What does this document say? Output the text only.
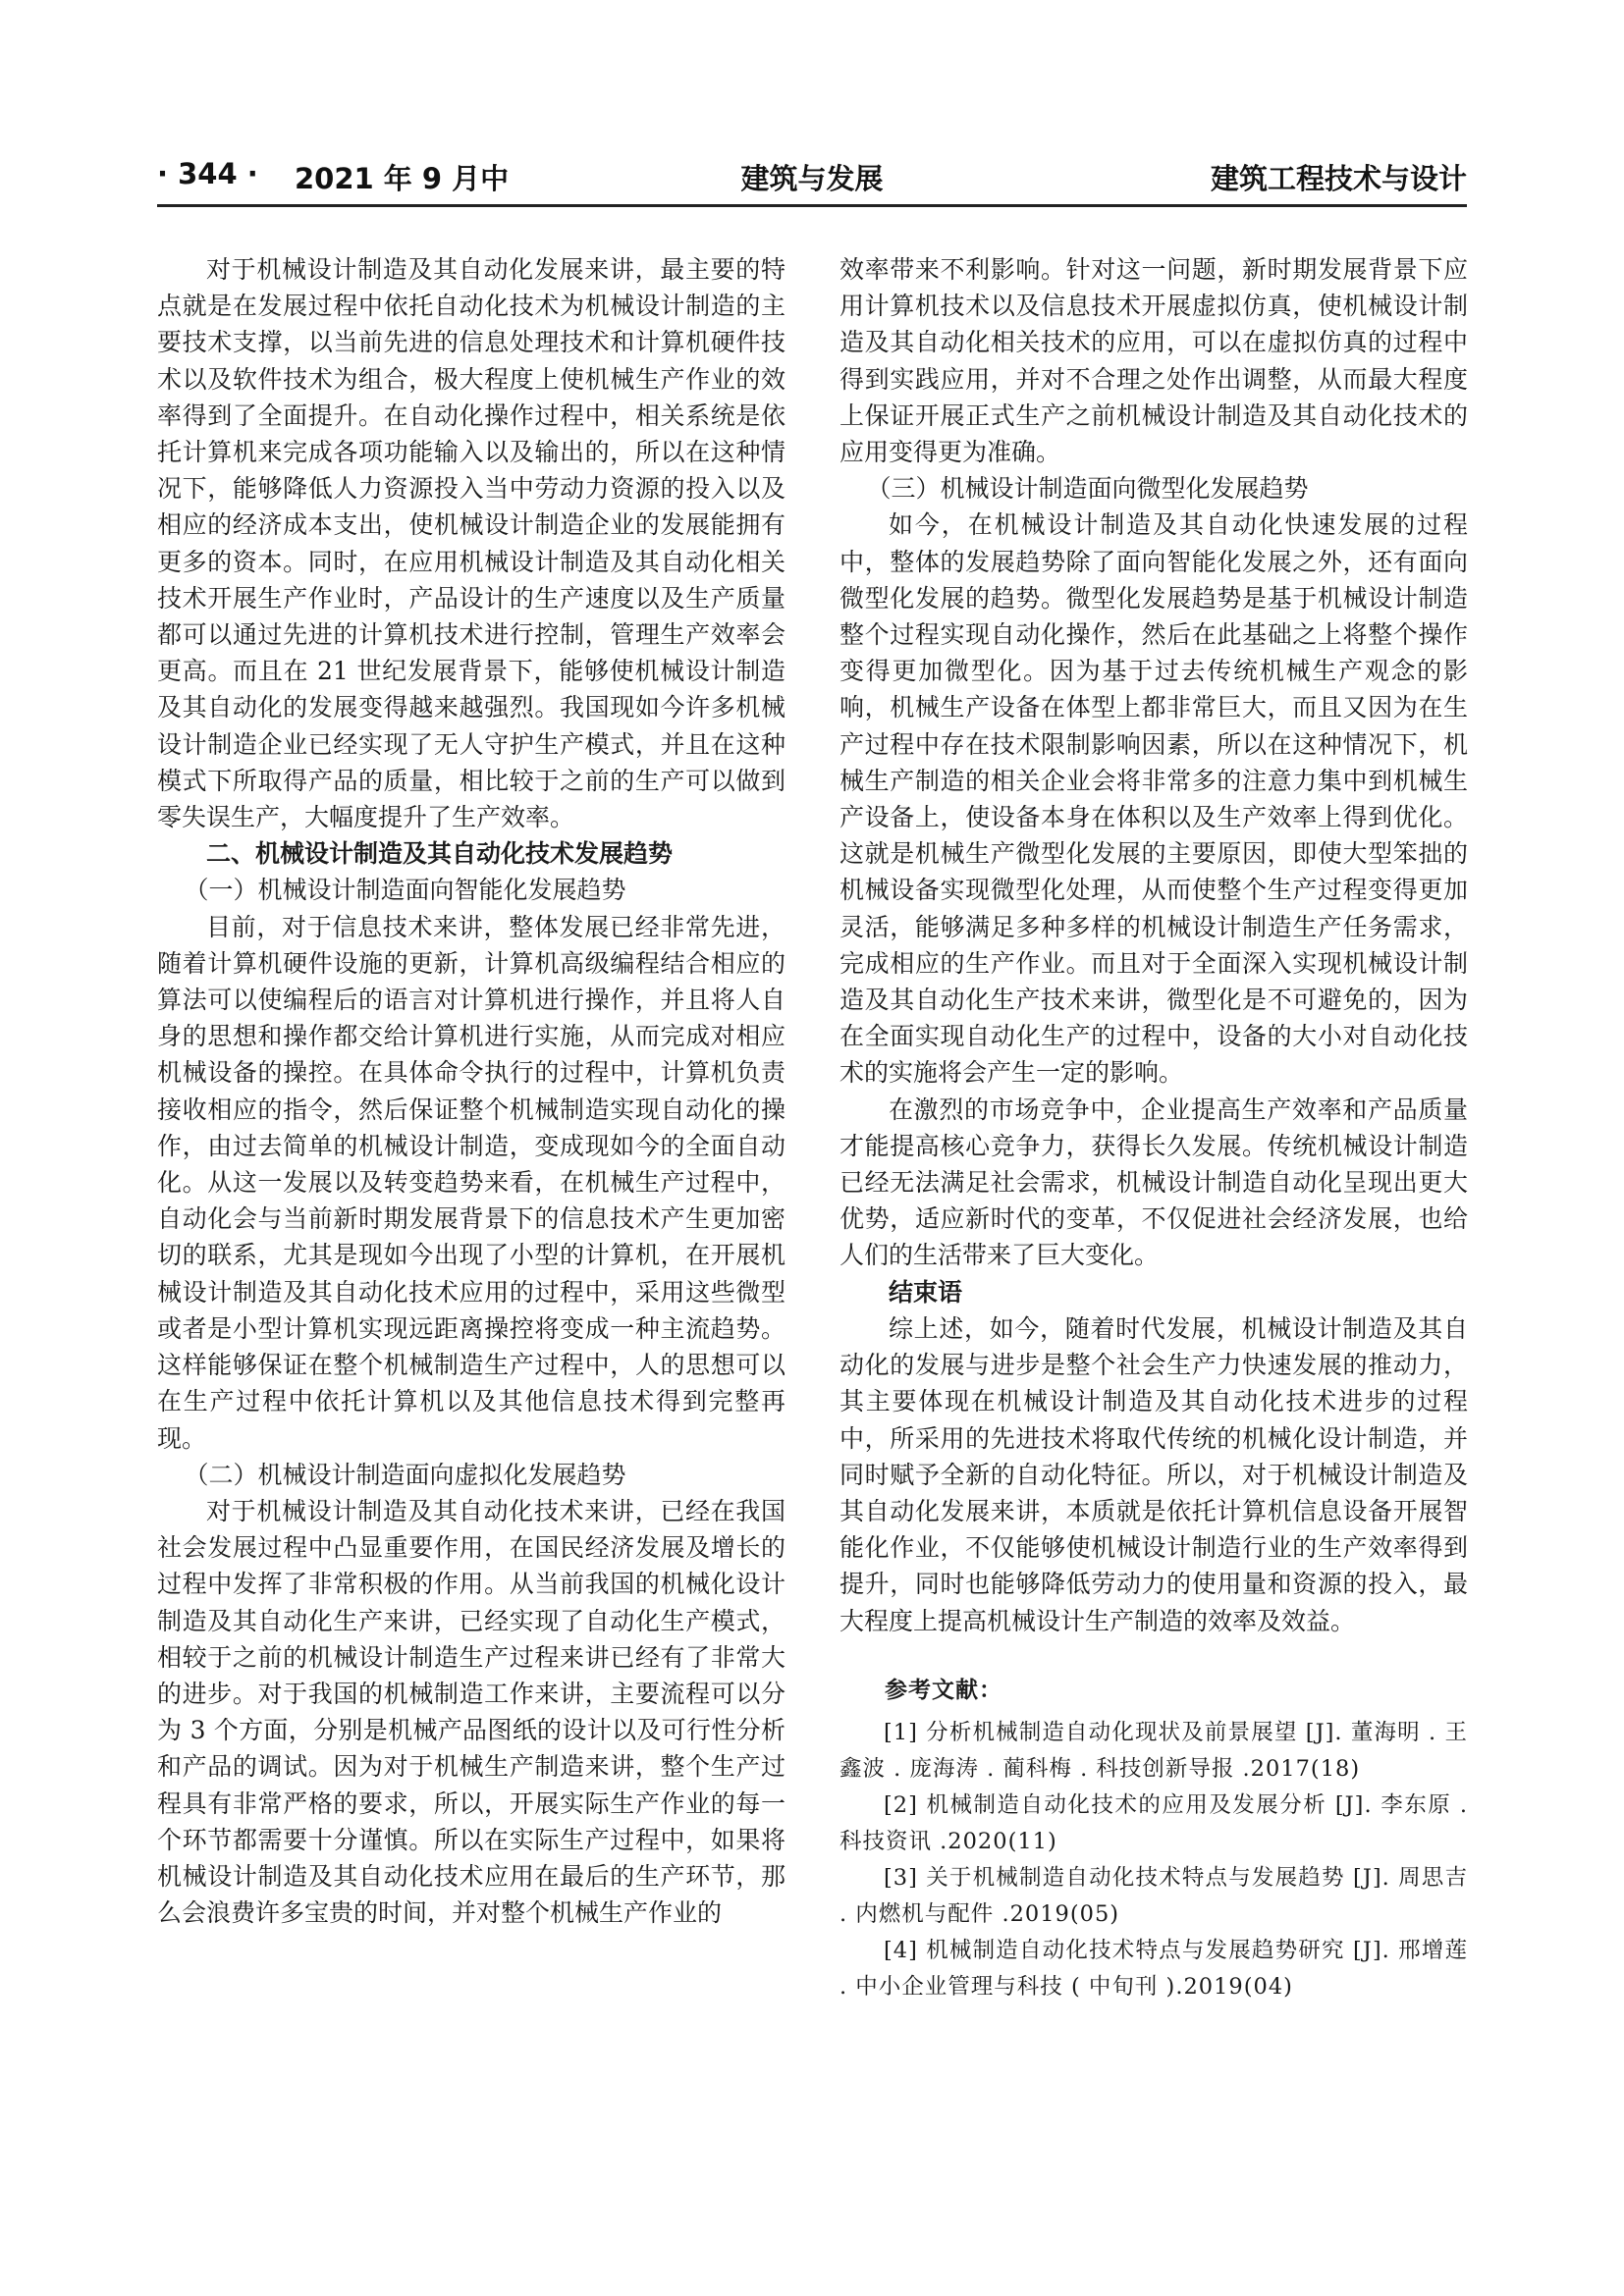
· 344 · 2021 年 9 月中	建筑与发展	建筑工程技术与设计

对于机械设计制造及其自动化发展来讲，最主要的特点就是在发展过程中依托自动化技术为机械设计制造的主要技术支撑，以当前先进的信息处理技术和计算机硬件技术以及软件技术为组合，极大程度上使机械生产作业的效率得到了全面提升。在自动化操作过程中，相关系统是依托计算机来完成各项功能输入以及输出的，所以在这种情况下，能够降低人力资源投入当中劳动力资源的投入以及相应的经济成本支出，使机械设计制造企业的发展能拥有更多的资本。同时，在应用机械设计制造及其自动化相关技术开展生产作业时，产品设计的生产速度以及生产质量都可以通过先进的计算机技术进行控制，管理生产效率会更高。而且在 21 世纪发展背景下，能够使机械设计制造及其自动化的发展变得越来越强烈。我国现如今许多机械设计制造企业已经实现了无人守护生产模式，并且在这种模式下所取得产品的质量，相比较于之前的生产可以做到零失误生产，大幅度提升了生产效率。

二、机械设计制造及其自动化技术发展趋势

（一）机械设计制造面向智能化发展趋势

目前，对于信息技术来讲，整体发展已经非常先进，随着计算机硬件设施的更新，计算机高级编程结合相应的算法可以使编程后的语言对计算机进行操作，并且将人自身的思想和操作都交给计算机进行实施，从而完成对相应机械设备的操控。在具体命令执行的过程中，计算机负责接收相应的指令，然后保证整个机械制造实现自动化的操作，由过去简单的机械设计制造，变成现如今的全面自动化。从这一发展以及转变趋势来看，在机械生产过程中，自动化会与当前新时期发展背景下的信息技术产生更加密切的联系，尤其是现如今出现了小型的计算机，在开展机械设计制造及其自动化技术应用的过程中，采用这些微型或者是小型计算机实现远距离操控将变成一种主流趋势。这样能够保证在整个机械制造生产过程中，人的思想可以在生产过程中依托计算机以及其他信息技术得到完整再现。

（二）机械设计制造面向虚拟化发展趋势

对于机械设计制造及其自动化技术来讲，已经在我国社会发展过程中凸显重要作用，在国民经济发展及增长的过程中发挥了非常积极的作用。从当前我国的机械化设计制造及其自动化生产来讲，已经实现了自动化生产模式，相较于之前的机械设计制造生产过程来讲已经有了非常大的进步。对于我国的机械制造工作来讲，主要流程可以分为 3 个方面，分别是机械产品图纸的设计以及可行性分析和产品的调试。因为对于机械生产制造来讲，整个生产过程具有非常严格的要求，所以，开展实际生产作业的每一个环节都需要十分谨慎。所以在实际生产过程中，如果将机械设计制造及其自动化技术应用在最后的生产环节，那么会浪费许多宝贵的时间，并对整个机械生产作业的

效率带来不利影响。针对这一问题，新时期发展背景下应用计算机技术以及信息技术开展虚拟仿真，使机械设计制造及其自动化相关技术的应用，可以在虚拟仿真的过程中得到实践应用，并对不合理之处作出调整，从而最大程度上保证开展正式生产之前机械设计制造及其自动化技术的应用变得更为准确。

（三）机械设计制造面向微型化发展趋势

如今，在机械设计制造及其自动化快速发展的过程中，整体的发展趋势除了面向智能化发展之外，还有面向微型化发展的趋势。微型化发展趋势是基于机械设计制造整个过程实现自动化操作，然后在此基础之上将整个操作变得更加微型化。因为基于过去传统机械生产观念的影响，机械生产设备在体型上都非常巨大，而且又因为在生产过程中存在技术限制影响因素，所以在这种情况下，机械生产制造的相关企业会将非常多的注意力集中到机械生产设备上，使设备本身在体积以及生产效率上得到优化。这就是机械生产微型化发展的主要原因，即使大型笨拙的机械设备实现微型化处理，从而使整个生产过程变得更加灵活，能够满足多种多样的机械设计制造生产任务需求，完成相应的生产作业。而且对于全面深入实现机械设计制造及其自动化生产技术来讲，微型化是不可避免的，因为在全面实现自动化生产的过程中，设备的大小对自动化技术的实施将会产生一定的影响。

在激烈的市场竞争中，企业提高生产效率和产品质量才能提高核心竞争力，获得长久发展。传统机械设计制造已经无法满足社会需求，机械设计制造自动化呈现出更大优势，适应新时代的变革，不仅促进社会经济发展，也给人们的生活带来了巨大变化。

结束语

综上述，如今，随着时代发展，机械设计制造及其自动化的发展与进步是整个社会生产力快速发展的推动力，其主要体现在机械设计制造及其自动化技术进步的过程中，所采用的先进技术将取代传统的机械化设计制造，并同时赋予全新的自动化特征。所以，对于机械设计制造及其自动化发展来讲，本质就是依托计算机信息设备开展智能化作业，不仅能够使机械设计制造行业的生产效率得到提升，同时也能够降低劳动力的使用量和资源的投入，最大程度上提高机械设计生产制造的效率及效益。

参考文献：

[1] 分析机械制造自动化现状及前景展望 [J]. 董海明 . 王鑫波 . 庞海涛 . 蔺科梅 . 科技创新导报 .2017(18)

[2] 机械制造自动化技术的应用及发展分析 [J]. 李东原 . 科技资讯 .2020(11)

[3] 关于机械制造自动化技术特点与发展趋势 [J]. 周思吉 . 内燃机与配件 .2019(05)

[4] 机械制造自动化技术特点与发展趋势研究 [J]. 邢增莲 . 中小企业管理与科技 ( 中旬刊 ).2019(04)
